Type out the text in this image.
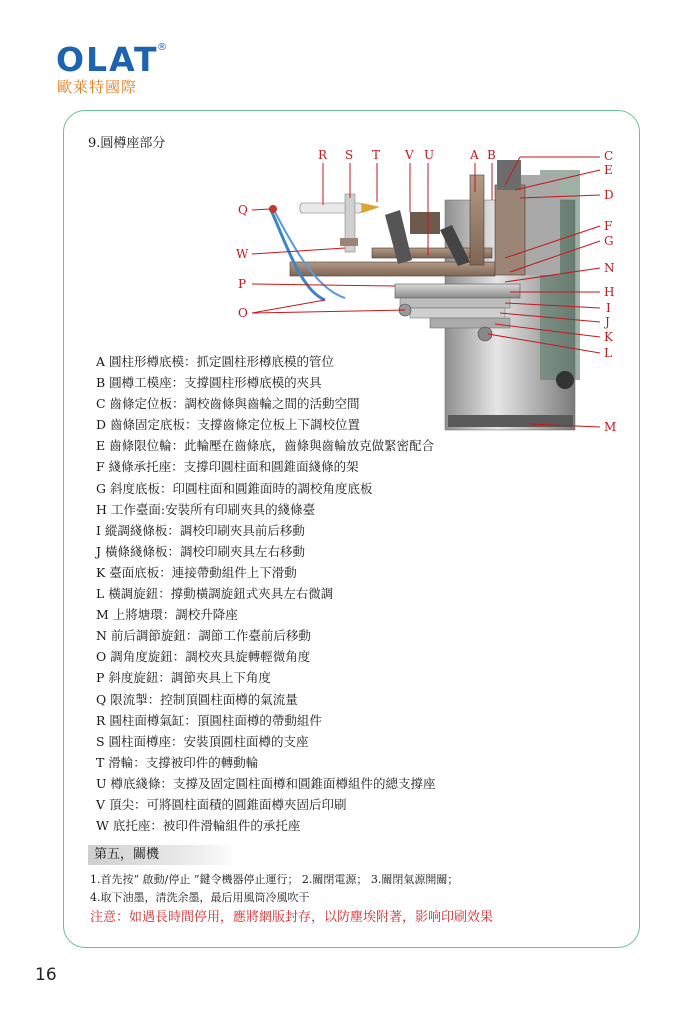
OLAT
®
歐萊特國際
9.圓樽座部分
R S T V U	A B
Q
W
P
O
C
E
D
F
G
N
H
I
J
K
L
M
A 圓柱形樽底模：抓定圓柱形樽底模的管位
B 圓樽工模座：支撐圓柱形樽底模的夾具
C 齒條定位板：調校齒條與齒輪之間的活動空間
D 齒條固定底板：支撐齒條定位板上下調校位置
E 齒條限位輪：此輪壓在齒條底，齒條與齒輪放克做緊密配合
F 綫條承托座：支撐印圓柱面和圓錐面綫條的架
G 斜度底板：印圓柱面和圓錐面時的調校角度底板
H 工作臺面:安裝所有印刷夾具的綫條臺
I 縱調綫條板：調校印刷夾具前后移動
J 橫條綫條板：調校印刷夾具左右移動
K 臺面底板：連接帶動組件上下滑動
L 橫調旋鈕：撐動橫調旋鈕式夾具左右微調
M 上將塘環：調校升降座
N 前后調節旋鈕：調節工作臺前后移動
O 調角度旋鈕：調校夾具旋轉輕微角度
P 斜度旋鈕：調節夾具上下角度
Q 限流掣：控制頂圓柱面樽的氣流量
R 圓柱面樽氣缸：頂圓柱面樽的帶動組件
S 圓柱面樽座：安裝頂圓柱面樽的支座
T 滑輪：支撐被印件的轉動輪
U 樽底綫條：支撐及固定圓柱面樽和圓錐面樽組件的總支撐座
V 頂尖：可將圓柱面積的圓錐面樽夾固后印刷
W 底托座：被印件滑輪組件的承托座
第五，關機
1.首先按“ 啟動/停止 ”鍵令機器停止運行； 2.關閉電源； 3.關閉氣源開關；
4.取下油墨，清洗余墨，最后用風筒冷風吹干
注意：如遇長時間停用，應將網版封存，以防塵埃附著，影响印刷效果
16
